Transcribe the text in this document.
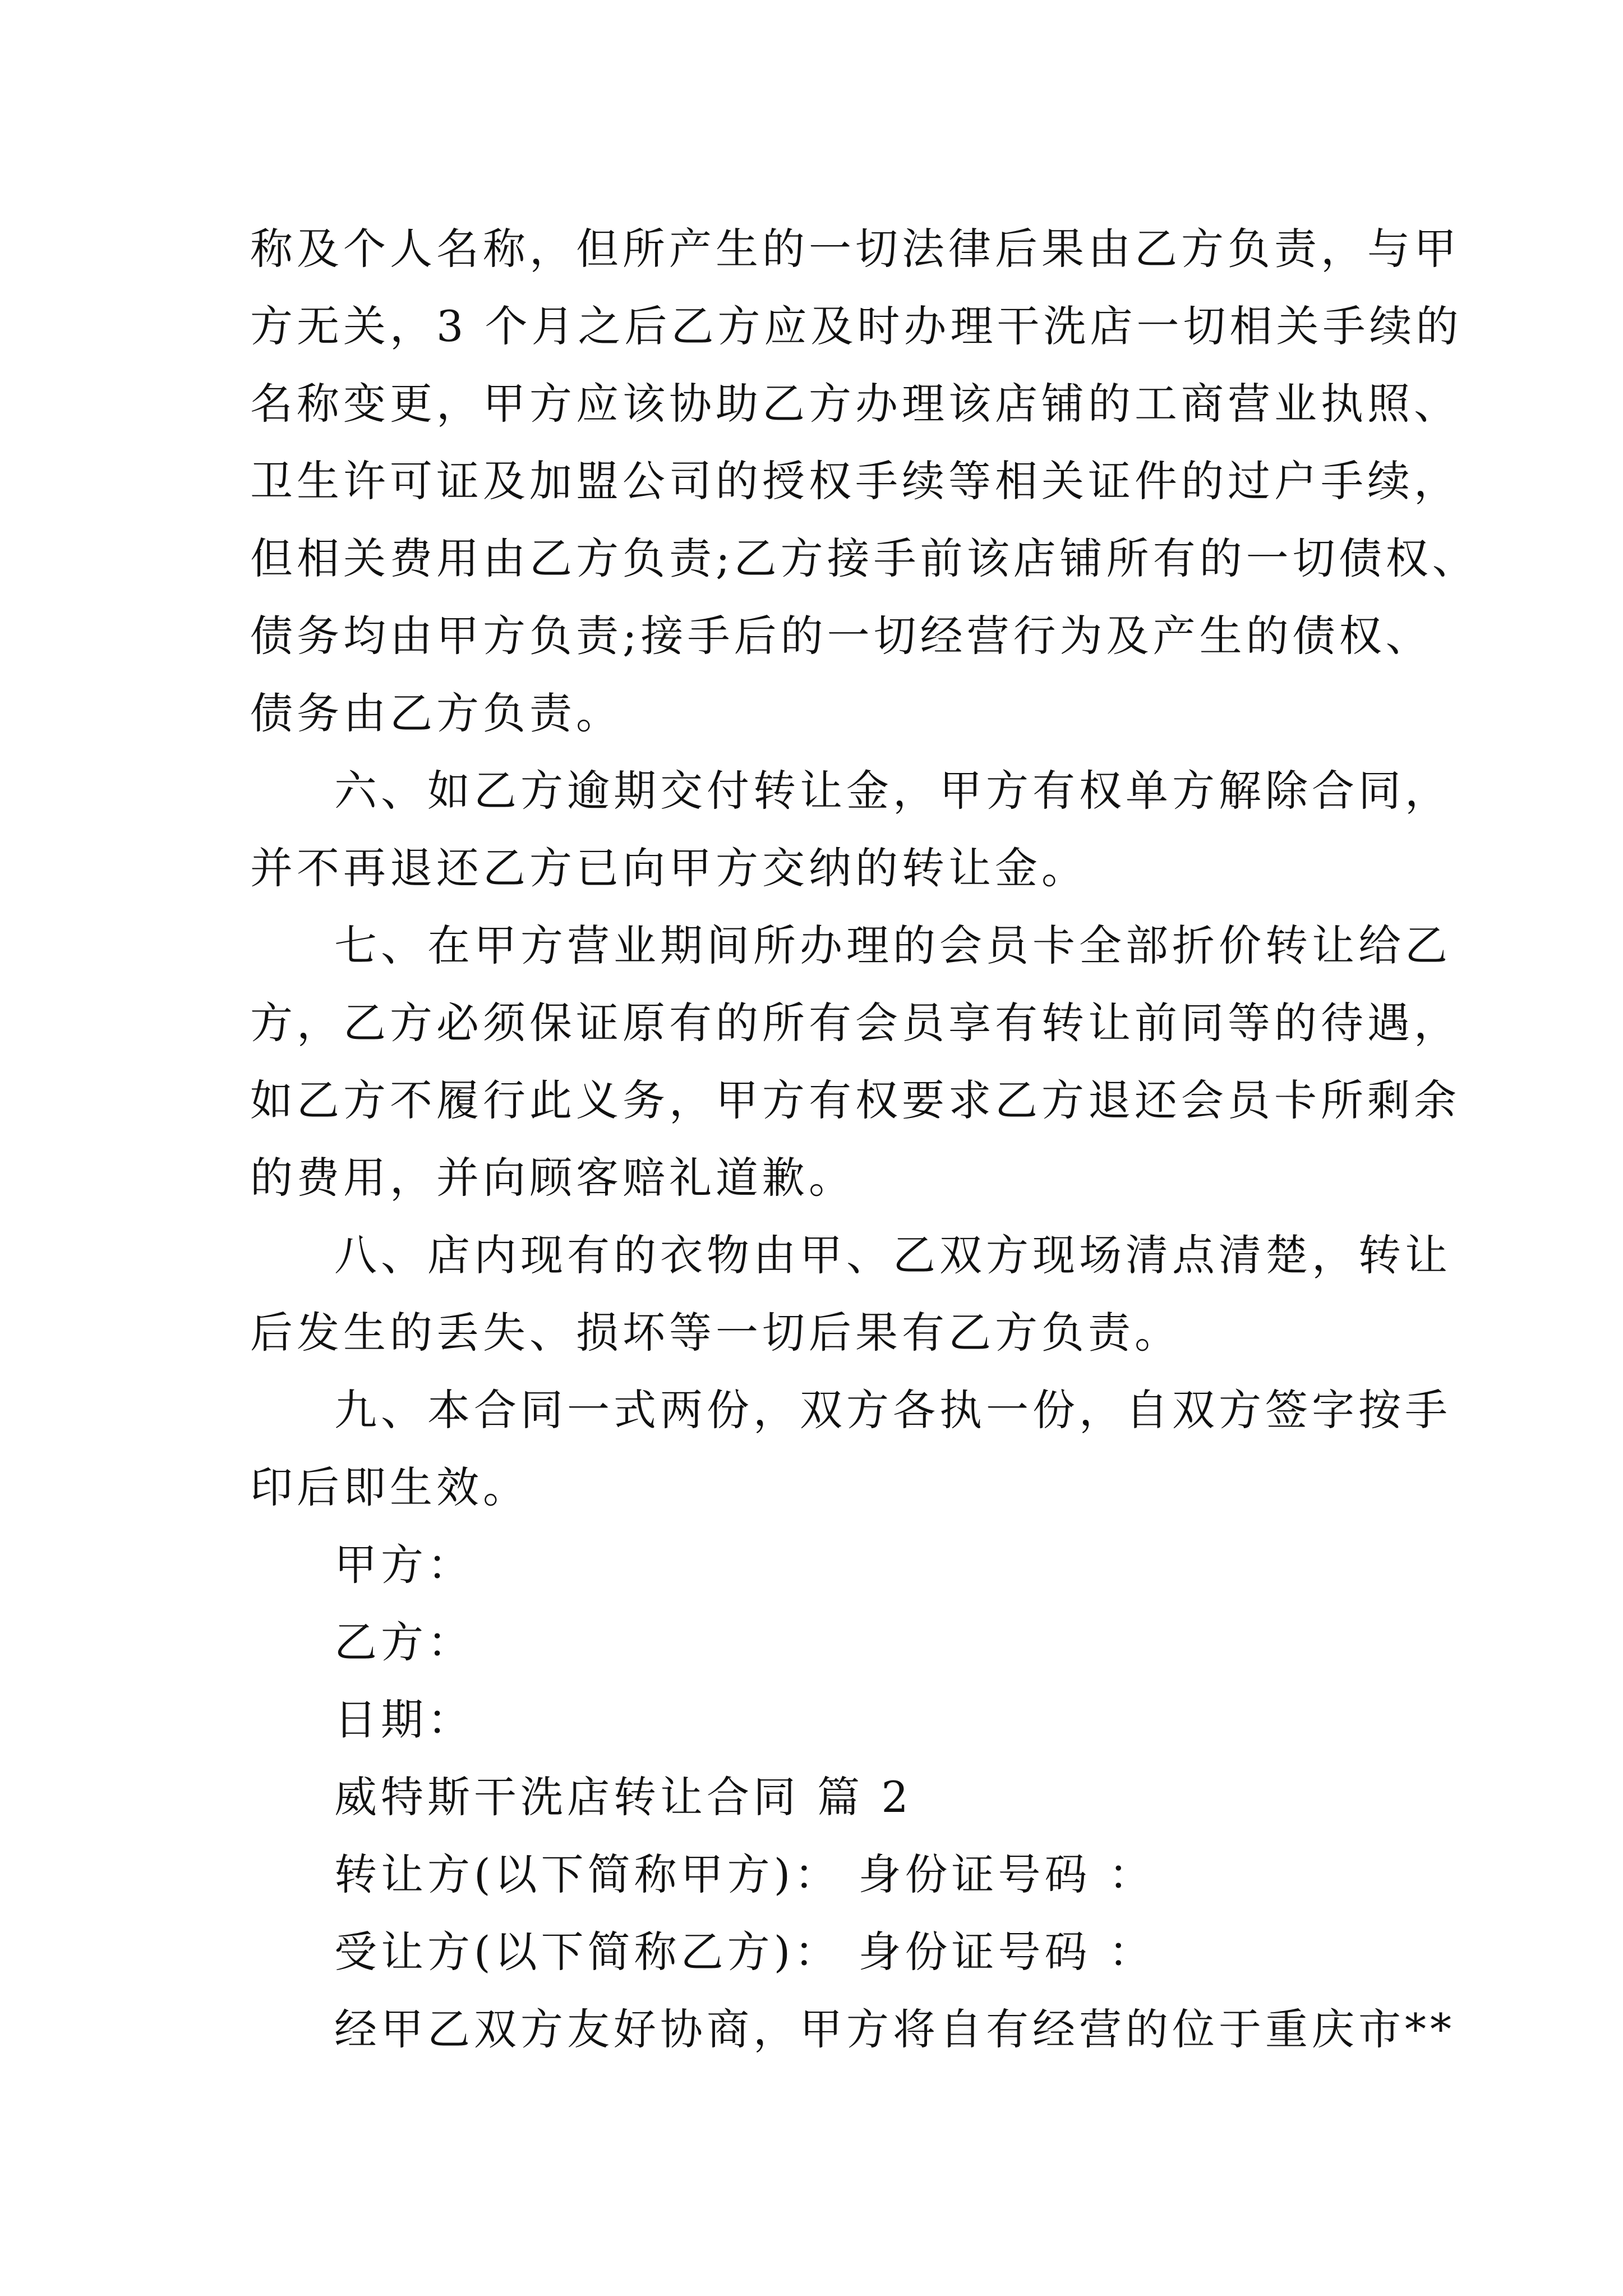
称及个人名称，但所产生的一切法律后果由乙方负责，与甲
方无关，3 个月之后乙方应及时办理干洗店一切相关手续的
名称变更，甲方应该协助乙方办理该店铺的工商营业执照、
卫生许可证及加盟公司的授权手续等相关证件的过户手续，
但相关费用由乙方负责;乙方接手前该店铺所有的一切债权、
债务均由甲方负责;接手后的一切经营行为及产生的债权、
债务由乙方负责。
六、如乙方逾期交付转让金，甲方有权单方解除合同，
并不再退还乙方已向甲方交纳的转让金。
七、在甲方营业期间所办理的会员卡全部折价转让给乙
方，乙方必须保证原有的所有会员享有转让前同等的待遇，
如乙方不履行此义务，甲方有权要求乙方退还会员卡所剩余
的费用，并向顾客赔礼道歉。
八、店内现有的衣物由甲、乙双方现场清点清楚，转让
后发生的丢失、损坏等一切后果有乙方负责。
九、本合同一式两份，双方各执一份，自双方签字按手
印后即生效。
甲方：
乙方：
日期：
威特斯干洗店转让合同 篇 2
转让方(以下简称甲方)： 身份证号码 ：
受让方(以下简称乙方)： 身份证号码 ：
经甲乙双方友好协商，甲方将自有经营的位于重庆市**
